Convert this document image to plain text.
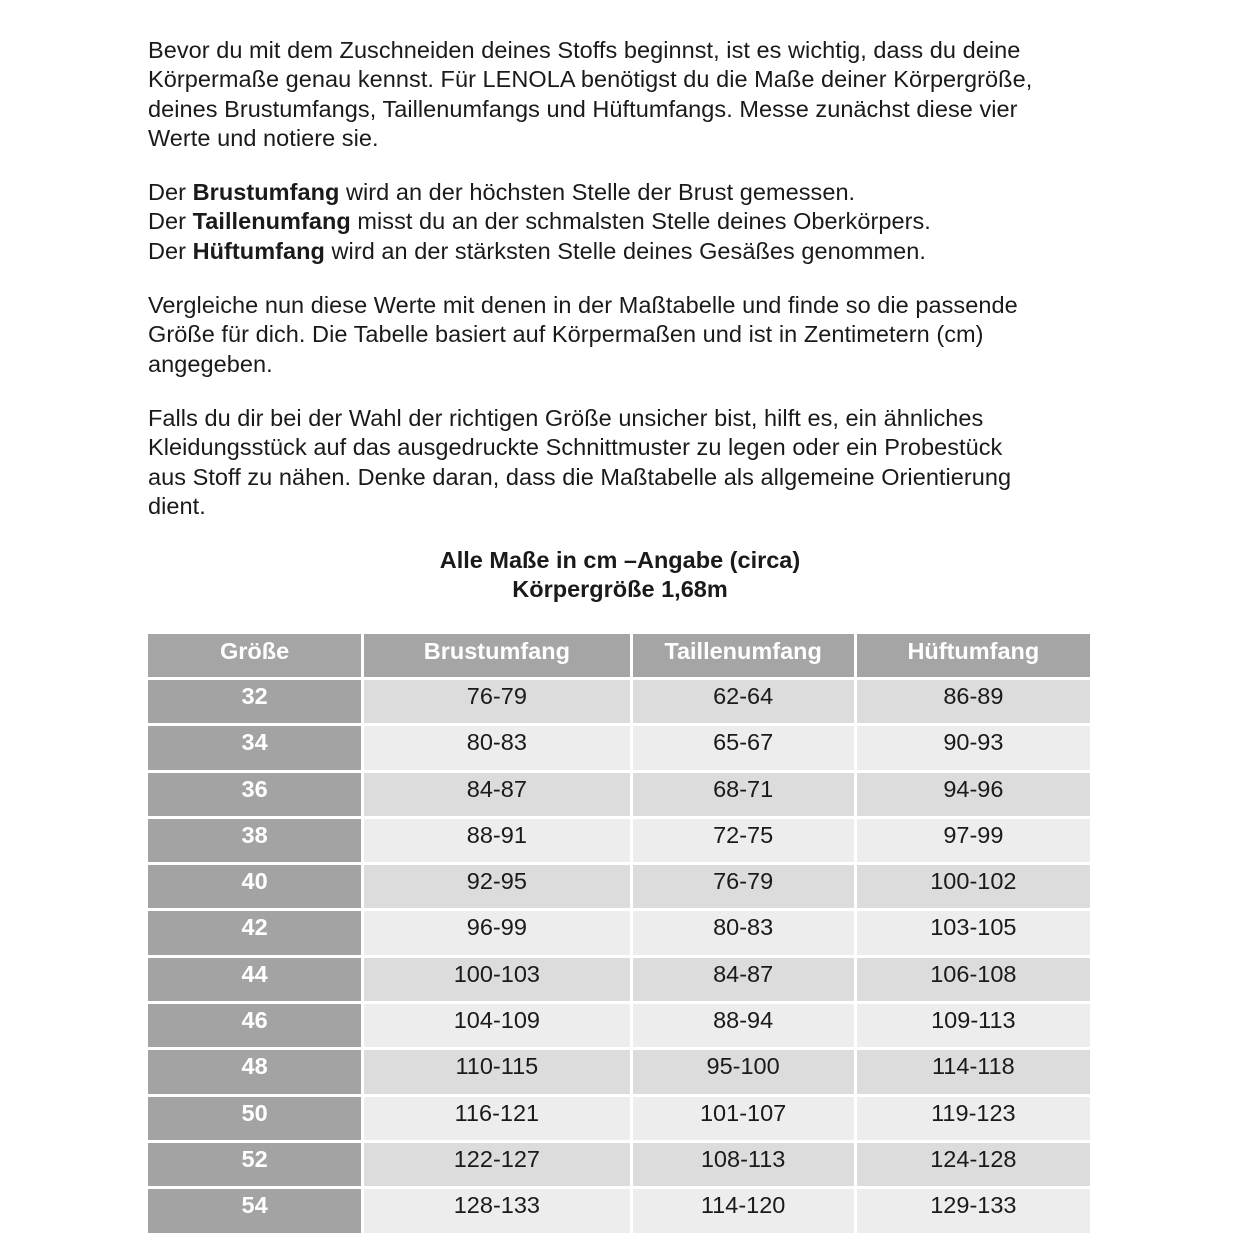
Bevor du mit dem Zuschneiden deines Stoffs beginnst, ist es wichtig, dass du deine
Körpermaße genau kennst. Für LENOLA benötigst du die Maße deiner Körpergröße,
deines Brustumfangs, Taillenumfangs und Hüftumfangs. Messe zunächst diese vier
Werte und notiere sie.

Der Brustumfang wird an der höchsten Stelle der Brust gemessen.
Der Taillenumfang misst du an der schmalsten Stelle deines Oberkörpers.
Der Hüftumfang wird an der stärksten Stelle deines Gesäßes genommen.

Vergleiche nun diese Werte mit denen in der Maßtabelle und finde so die passende
Größe für dich. Die Tabelle basiert auf Körpermaßen und ist in Zentimetern (cm)
angegeben.

Falls du dir bei der Wahl der richtigen Größe unsicher bist, hilft es, ein ähnliches
Kleidungsstück auf das ausgedruckte Schnittmuster zu legen oder ein Probestück
aus Stoff zu nähen. Denke daran, dass die Maßtabelle als allgemeine Orientierung
dient.

Alle Maße in cm –Angabe (circa)
Körpergröße 1,68m
Größe	Brustumfang	Taillenumfang	Hüftumfang
32	76-79	62-64	86-89
34	80-83	65-67	90-93
36	84-87	68-71	94-96
38	88-91	72-75	97-99
40	92-95	76-79	100-102
42	96-99	80-83	103-105
44	100-103	84-87	106-108
46	104-109	88-94	109-113
48	110-115	95-100	114-118
50	116-121	101-107	119-123
52	122-127	108-113	124-128
54	128-133	114-120	129-133
